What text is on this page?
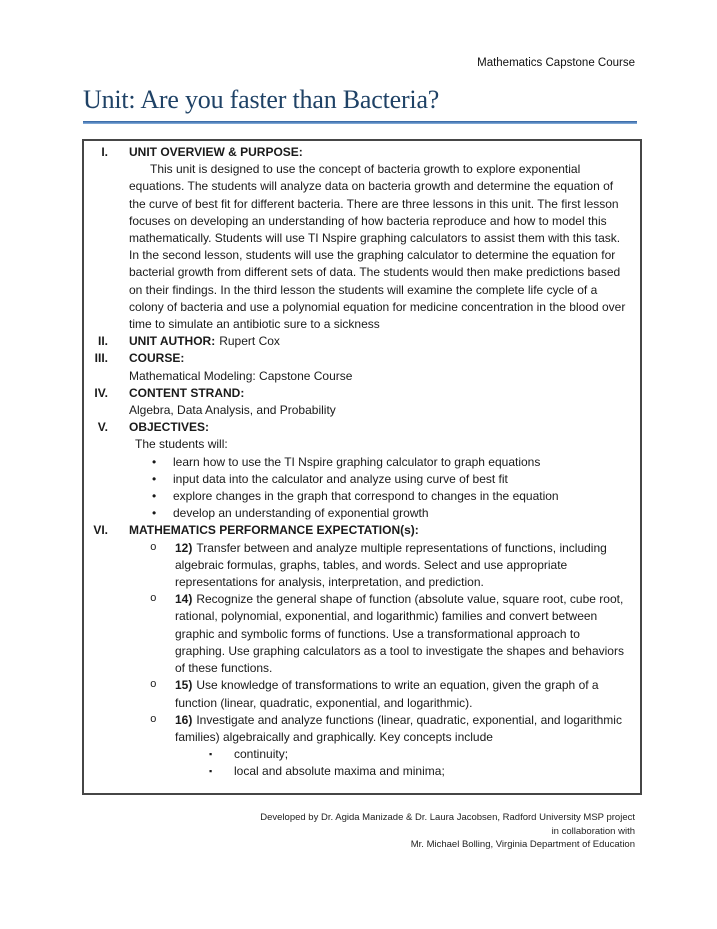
Mathematics Capstone Course
Unit: Are you faster than Bacteria?
I. UNIT OVERVIEW & PURPOSE:

This unit is designed to use the concept of bacteria growth to explore exponential equations. The students will analyze data on bacteria growth and determine the equation of the curve of best fit for different bacteria. There are three lessons in this unit. The first lesson focuses on developing an understanding of how bacteria reproduce and how to model this mathematically. Students will use TI Nspire graphing calculators to assist them with this task. In the second lesson, students will use the graphing calculator to determine the equation for bacterial growth from different sets of data. The students would then make predictions based on their findings. In the third lesson the students will examine the complete life cycle of a colony of bacteria and use a polynomial equation for medicine concentration in the blood over time to simulate an antibiotic sure to a sickness

II. UNIT AUTHOR: Rupert Cox
III. COURSE:
Mathematical Modeling: Capstone Course
IV. CONTENT STRAND:
Algebra, Data Analysis, and Probability
V. OBJECTIVES:
The students will:
•	learn how to use the TI Nspire graphing calculator to graph equations
•	input data into the calculator and analyze using curve of best fit
•	explore changes in the graph that correspond to changes in the equation
•	develop an understanding of exponential growth
VI. MATHEMATICS PERFORMANCE EXPECTATION(s):
o	12) Transfer between and analyze multiple representations of functions, including algebraic formulas, graphs, tables, and words. Select and use appropriate representations for analysis, interpretation, and prediction.
o	14) Recognize the general shape of function (absolute value, square root, cube root, rational, polynomial, exponential, and logarithmic) families and convert between graphic and symbolic forms of functions. Use a transformational approach to graphing. Use graphing calculators as a tool to investigate the shapes and behaviors of these functions.
o	15) Use knowledge of transformations to write an equation, given the graph of a function (linear, quadratic, exponential, and logarithmic).
o	16) Investigate and analyze functions (linear, quadratic, exponential, and logarithmic families) algebraically and graphically. Key concepts include
▪	continuity;
▪	local and absolute maxima and minima;
Developed by Dr. Agida Manizade & Dr. Laura Jacobsen, Radford University MSP project
in collaboration with
Mr. Michael Bolling, Virginia Department of Education
